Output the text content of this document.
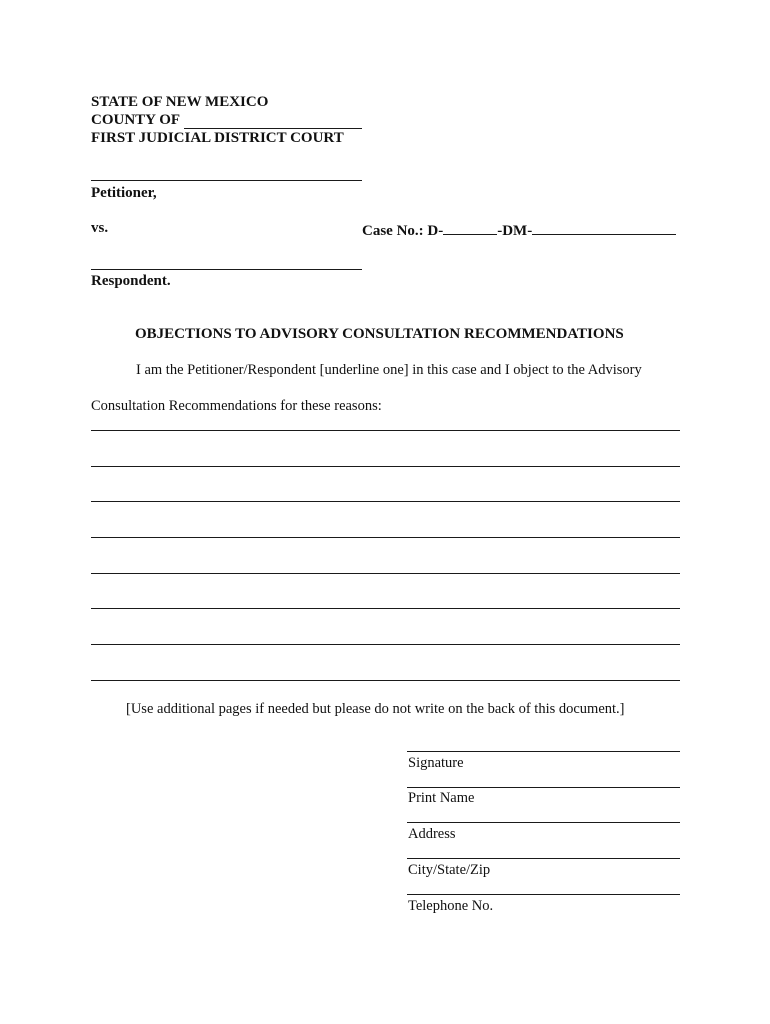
STATE OF NEW MEXICO
COUNTY OF
FIRST JUDICIAL DISTRICT COURT
Petitioner,
vs.	Case No.: D-	-DM-
Respondent.
OBJECTIONS TO ADVISORY CONSULTATION RECOMMENDATIONS
I am the Petitioner/Respondent [underline one] in this case and I object to the Advisory
Consultation Recommendations for these reasons:
[Use additional pages if needed but please do not write on the back of this document.]
Signature
Print Name
Address
City/State/Zip
Telephone No.
